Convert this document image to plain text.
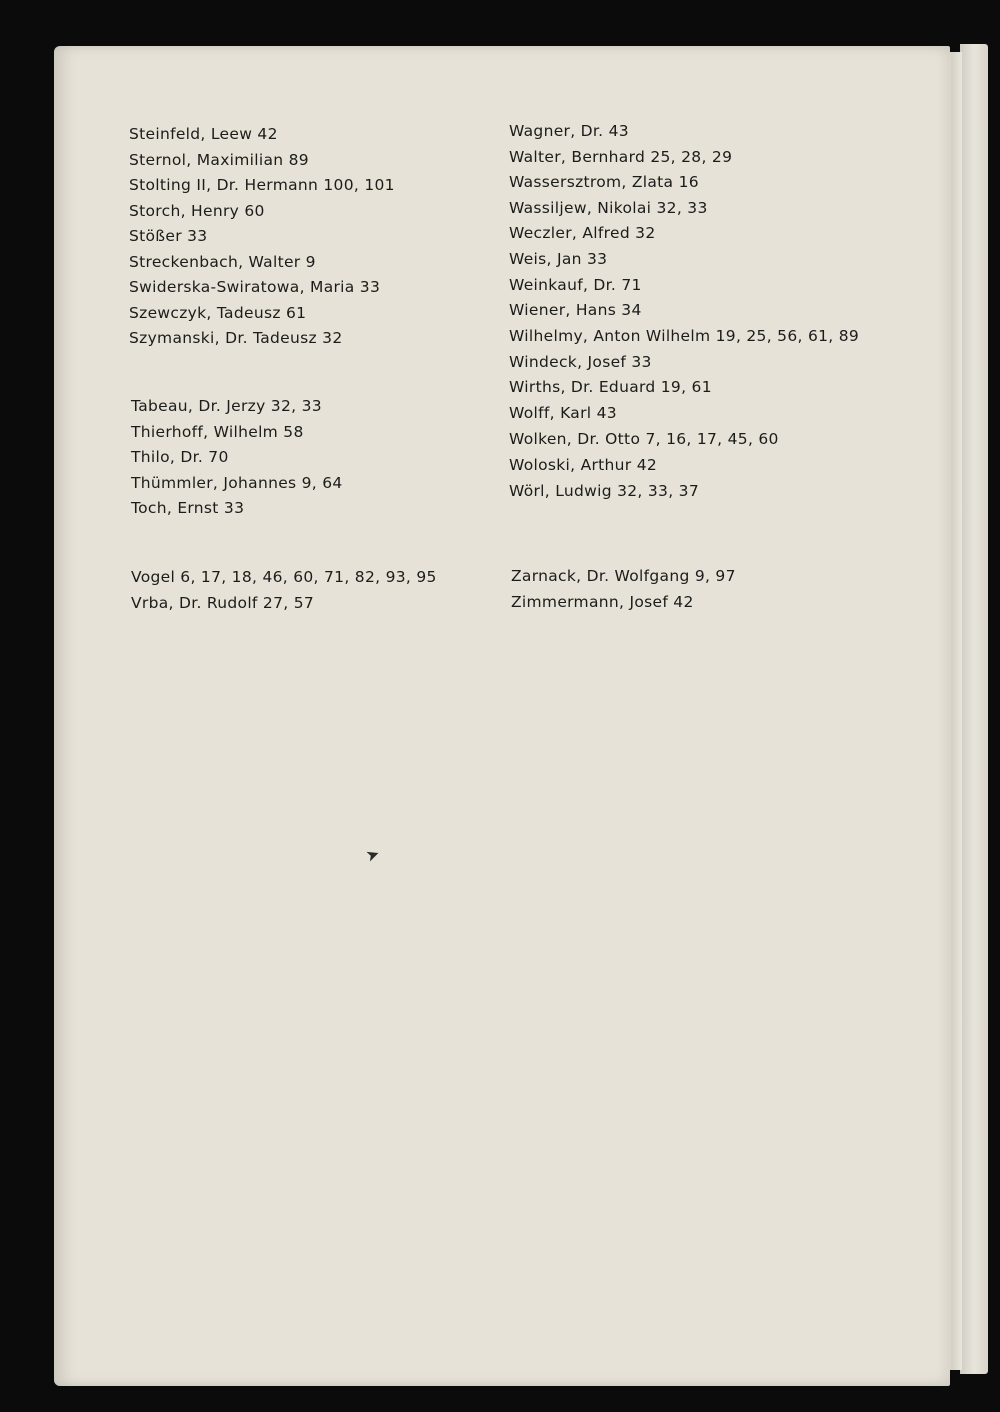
Steinfeld, Leew 42
Sternol, Maximilian 89
Stolting II, Dr. Hermann 100, 101
Storch, Henry 60
Stößer 33
Streckenbach, Walter 9
Swiderska-Swiratowa, Maria 33
Szewczyk, Tadeusz 61
Szymanski, Dr. Tadeusz 32
Tabeau, Dr. Jerzy 32, 33
Thierhoff, Wilhelm 58
Thilo, Dr. 70
Thümmler, Johannes 9, 64
Toch, Ernst 33
Vogel 6, 17, 18, 46, 60, 71, 82, 93, 95
Vrba, Dr. Rudolf 27, 57
Wagner, Dr. 43
Walter, Bernhard 25, 28, 29
Wassersztrom, Zlata 16
Wassiljew, Nikolai 32, 33
Weczler, Alfred 32
Weis, Jan 33
Weinkauf, Dr. 71
Wiener, Hans 34
Wilhelmy, Anton Wilhelm 19, 25, 56, 61, 89
Windeck, Josef 33
Wirths, Dr. Eduard 19, 61
Wolff, Karl 43
Wolken, Dr. Otto 7, 16, 17, 45, 60
Woloski, Arthur 42
Wörl, Ludwig 32, 33, 37
Zarnack, Dr. Wolfgang 9, 97
Zimmermann, Josef 42
➤
